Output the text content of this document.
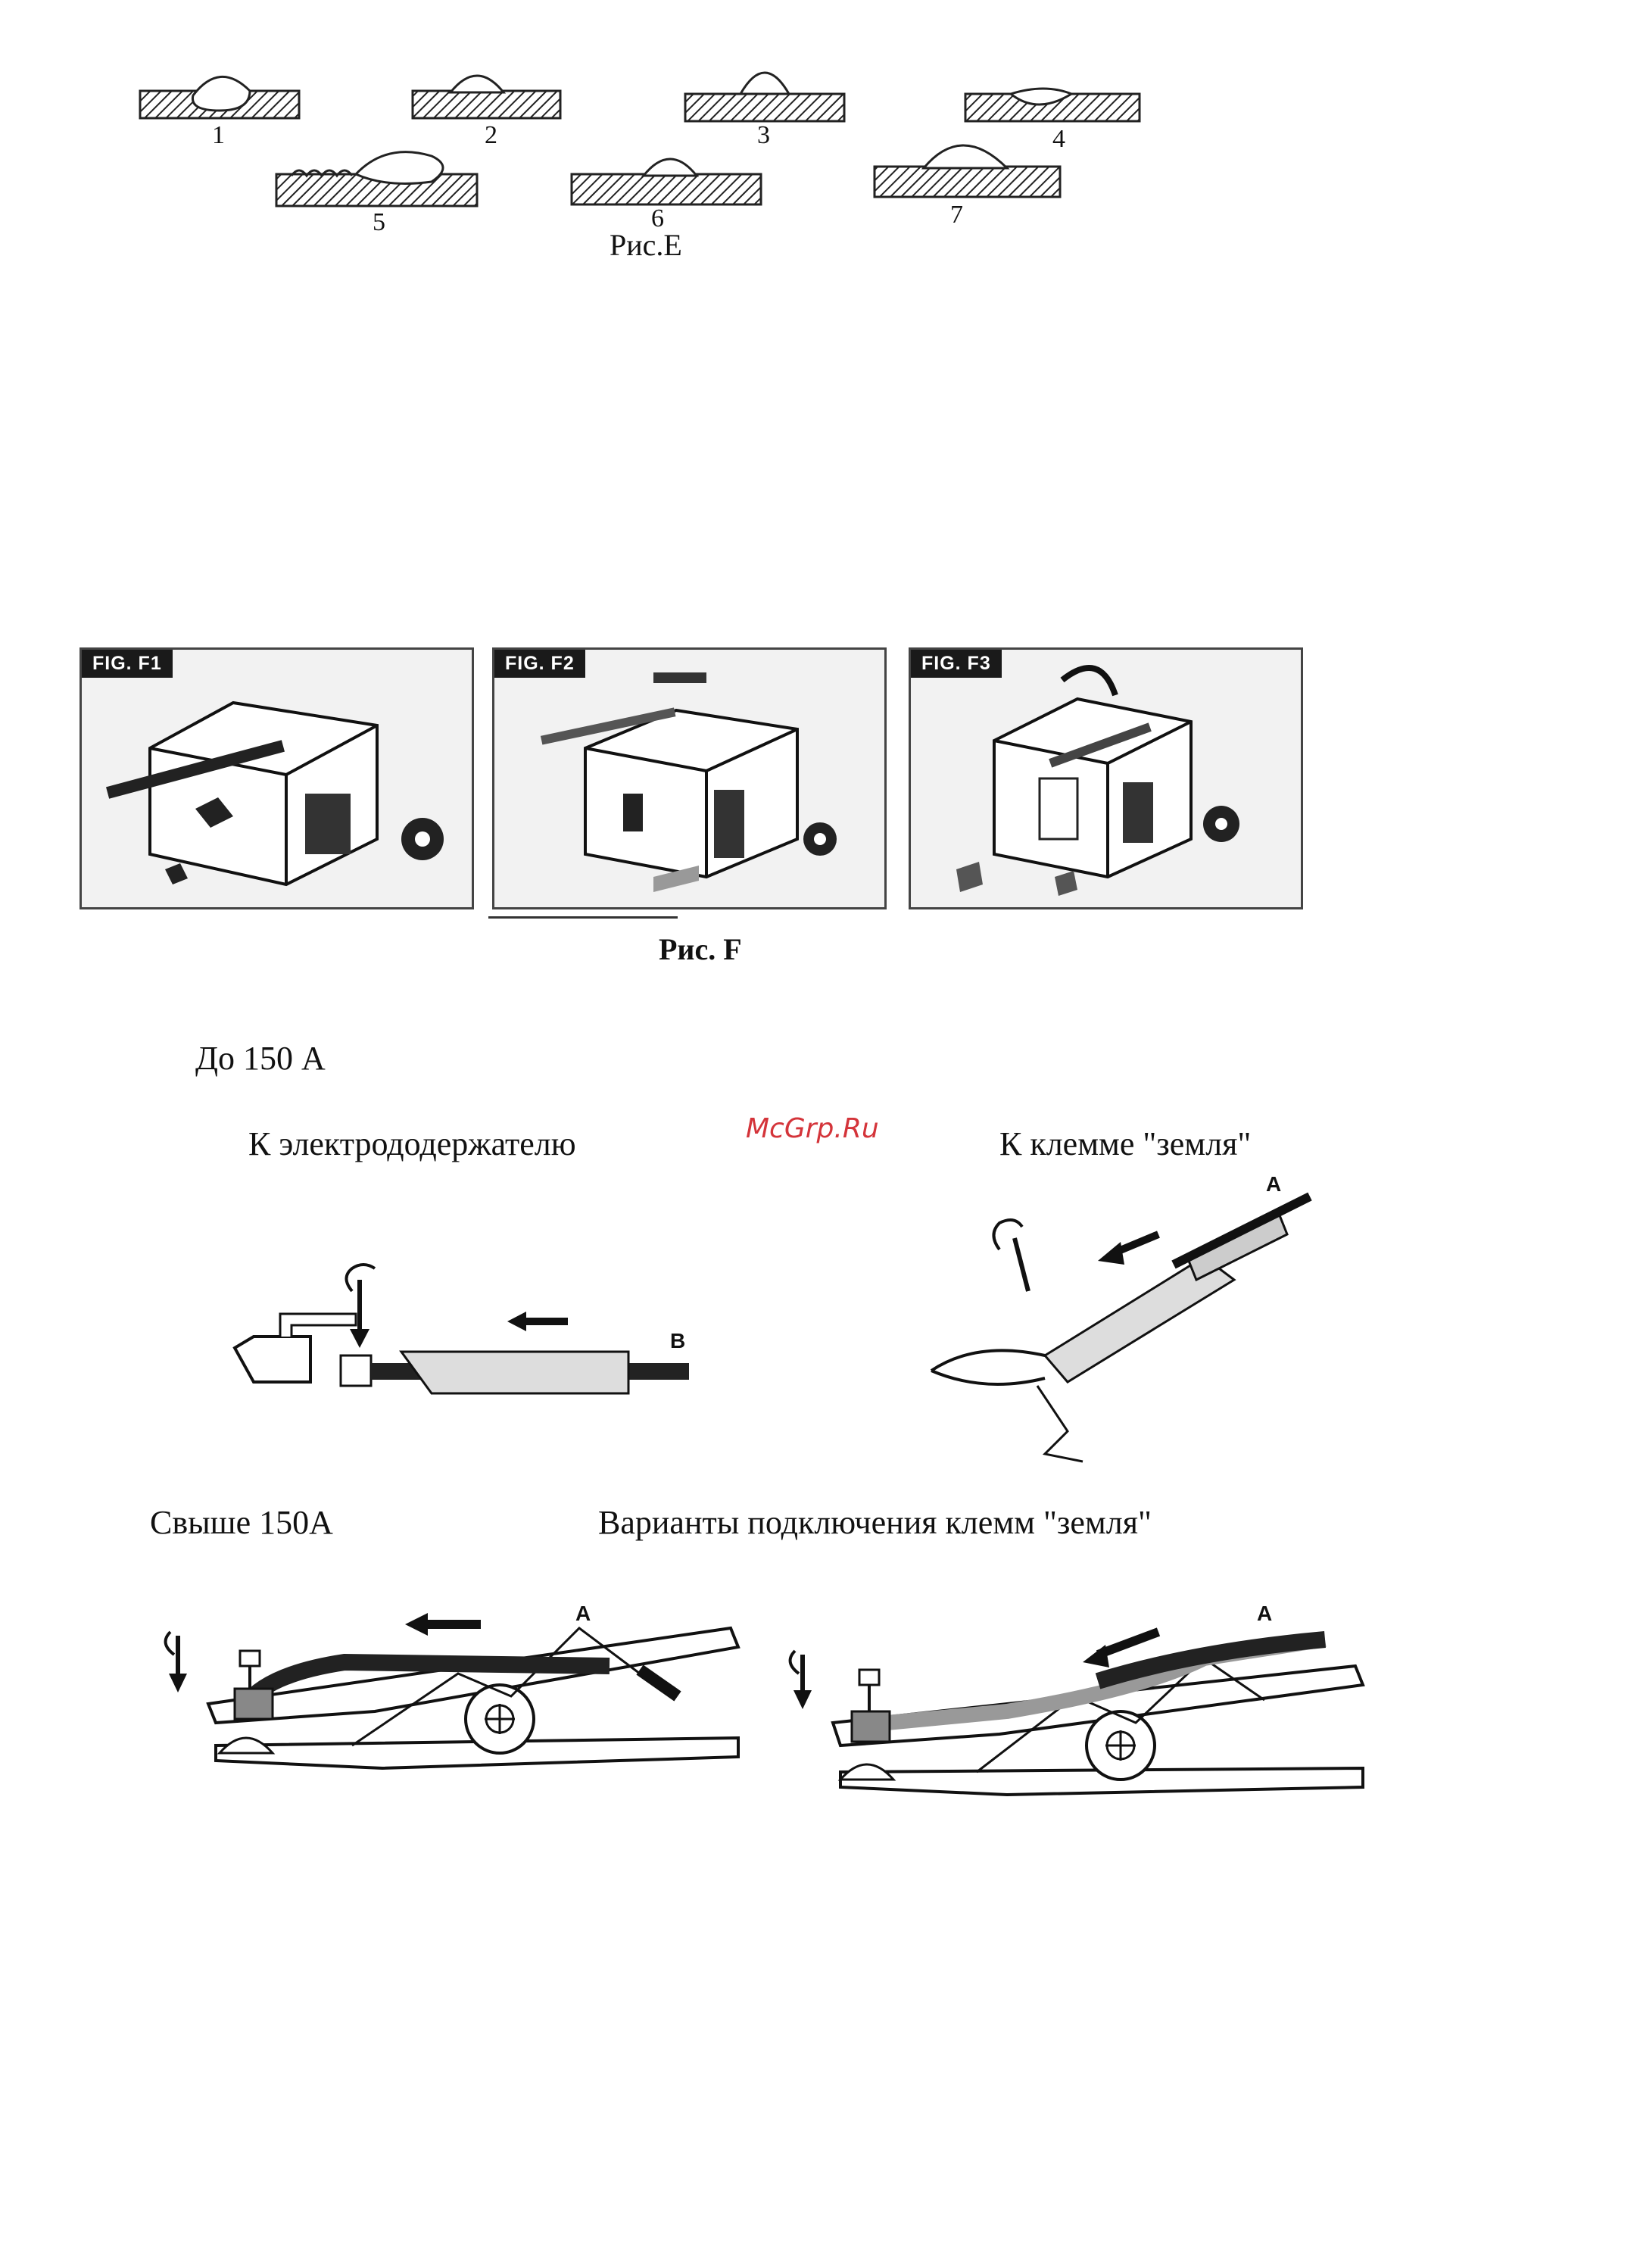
1	2	3	4
5	6	7
Рис.E
FIG. F1	FIG. F2	FIG. F3
Рис. F
До 150 А
К электрододержателю	McGrp.Ru	К клемме "земля"
B
A
Свыше 150А	Варианты подключения клемм "земля"
A	A
